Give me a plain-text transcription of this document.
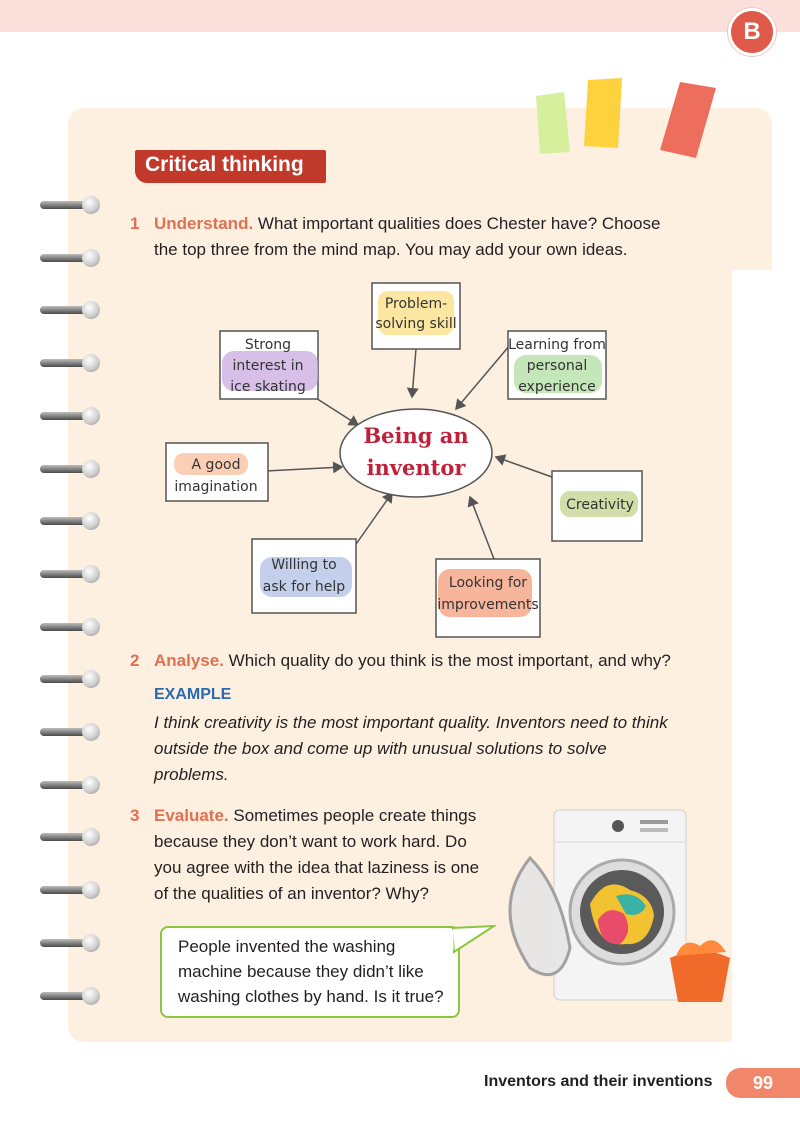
B
Critical thinking
1 Understand. What important qualities does Chester have? Choose
the top three from the mind map. You may add your own ideas.
Being an
inventor
Problem-
solving skill
Strong
interest in
ice skating
Learning from
personal
experience
A good
imagination
Creativity
Willing to
ask for help	Looking for
improvements
2 Analyse. Which quality do you think is the most important, and why?
EXAMPLE
I think creativity is the most important quality. Inventors need to think outside the box and come up with unusual solutions to solve problems.
3 Evaluate. Sometimes people create things
because they don’t want to work hard. Do
you agree with the idea that laziness is one
of the qualities of an inventor? Why?
People invented the washing
machine because they didn’t like
washing clothes by hand. Is it true?
Inventors and their inventions	99
